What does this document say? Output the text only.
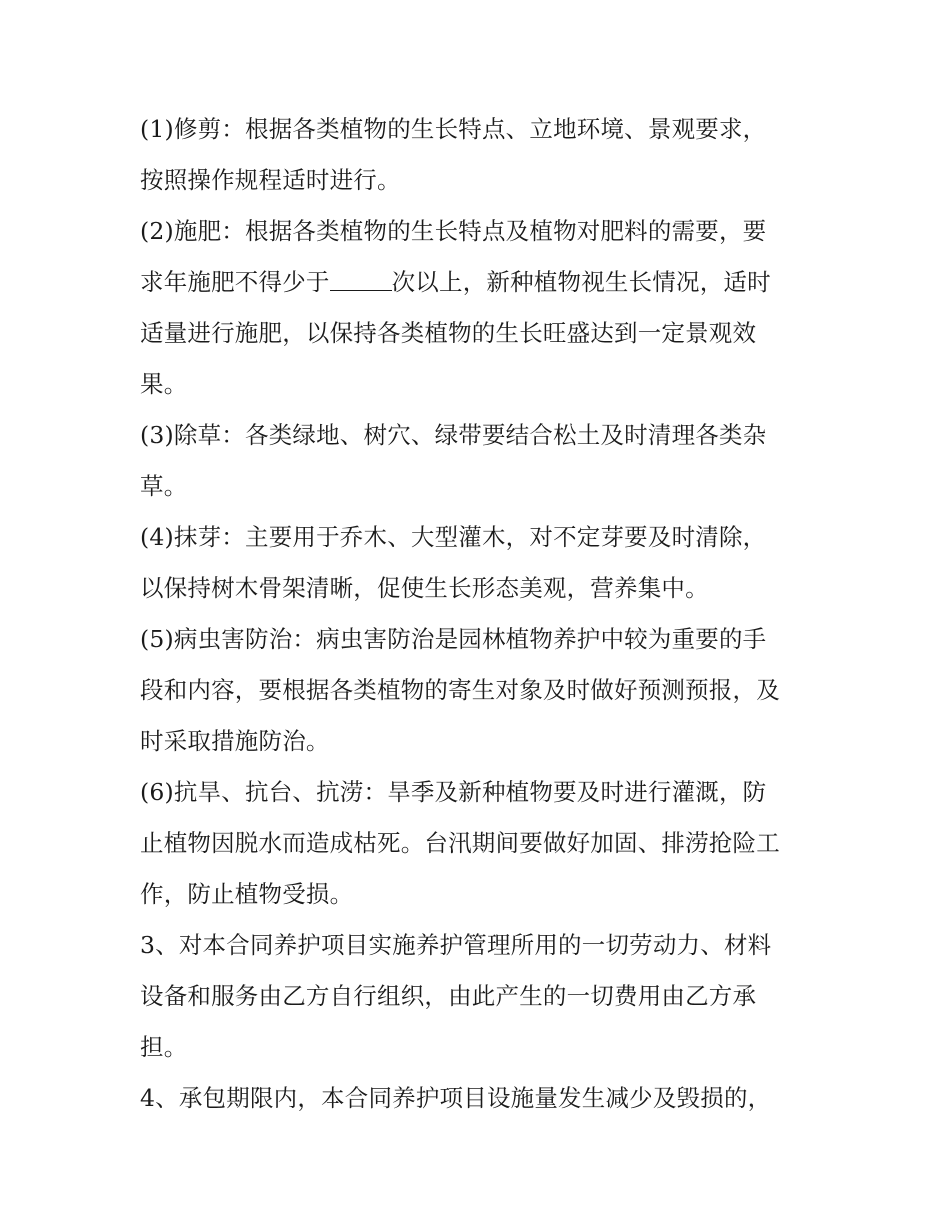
(1)修剪：根据各类植物的生长特点、立地环境、景观要求，
按照操作规程适时进行。
(2)施肥：根据各类植物的生长特点及植物对肥料的需要，要
求年施肥不得少于	次以上，新种植物视生长情况，适时
适量进行施肥，以保持各类植物的生长旺盛达到一定景观效
果。
(3)除草：各类绿地、树穴、绿带要结合松土及时清理各类杂
草。
(4)抹芽：主要用于乔木、大型灌木，对不定芽要及时清除，
以保持树木骨架清晰，促使生长形态美观，营养集中。
(5)病虫害防治：病虫害防治是园林植物养护中较为重要的手
段和内容，要根据各类植物的寄生对象及时做好预测预报，及
时采取措施防治。
(6)抗旱、抗台、抗涝：旱季及新种植物要及时进行灌溉，防
止植物因脱水而造成枯死。台汛期间要做好加固、排涝抢险工
作，防止植物受损。
3、对本合同养护项目实施养护管理所用的一切劳动力、材料
设备和服务由乙方自行组织，由此产生的一切费用由乙方承
担。
4、承包期限内，本合同养护项目设施量发生减少及毁损的，
